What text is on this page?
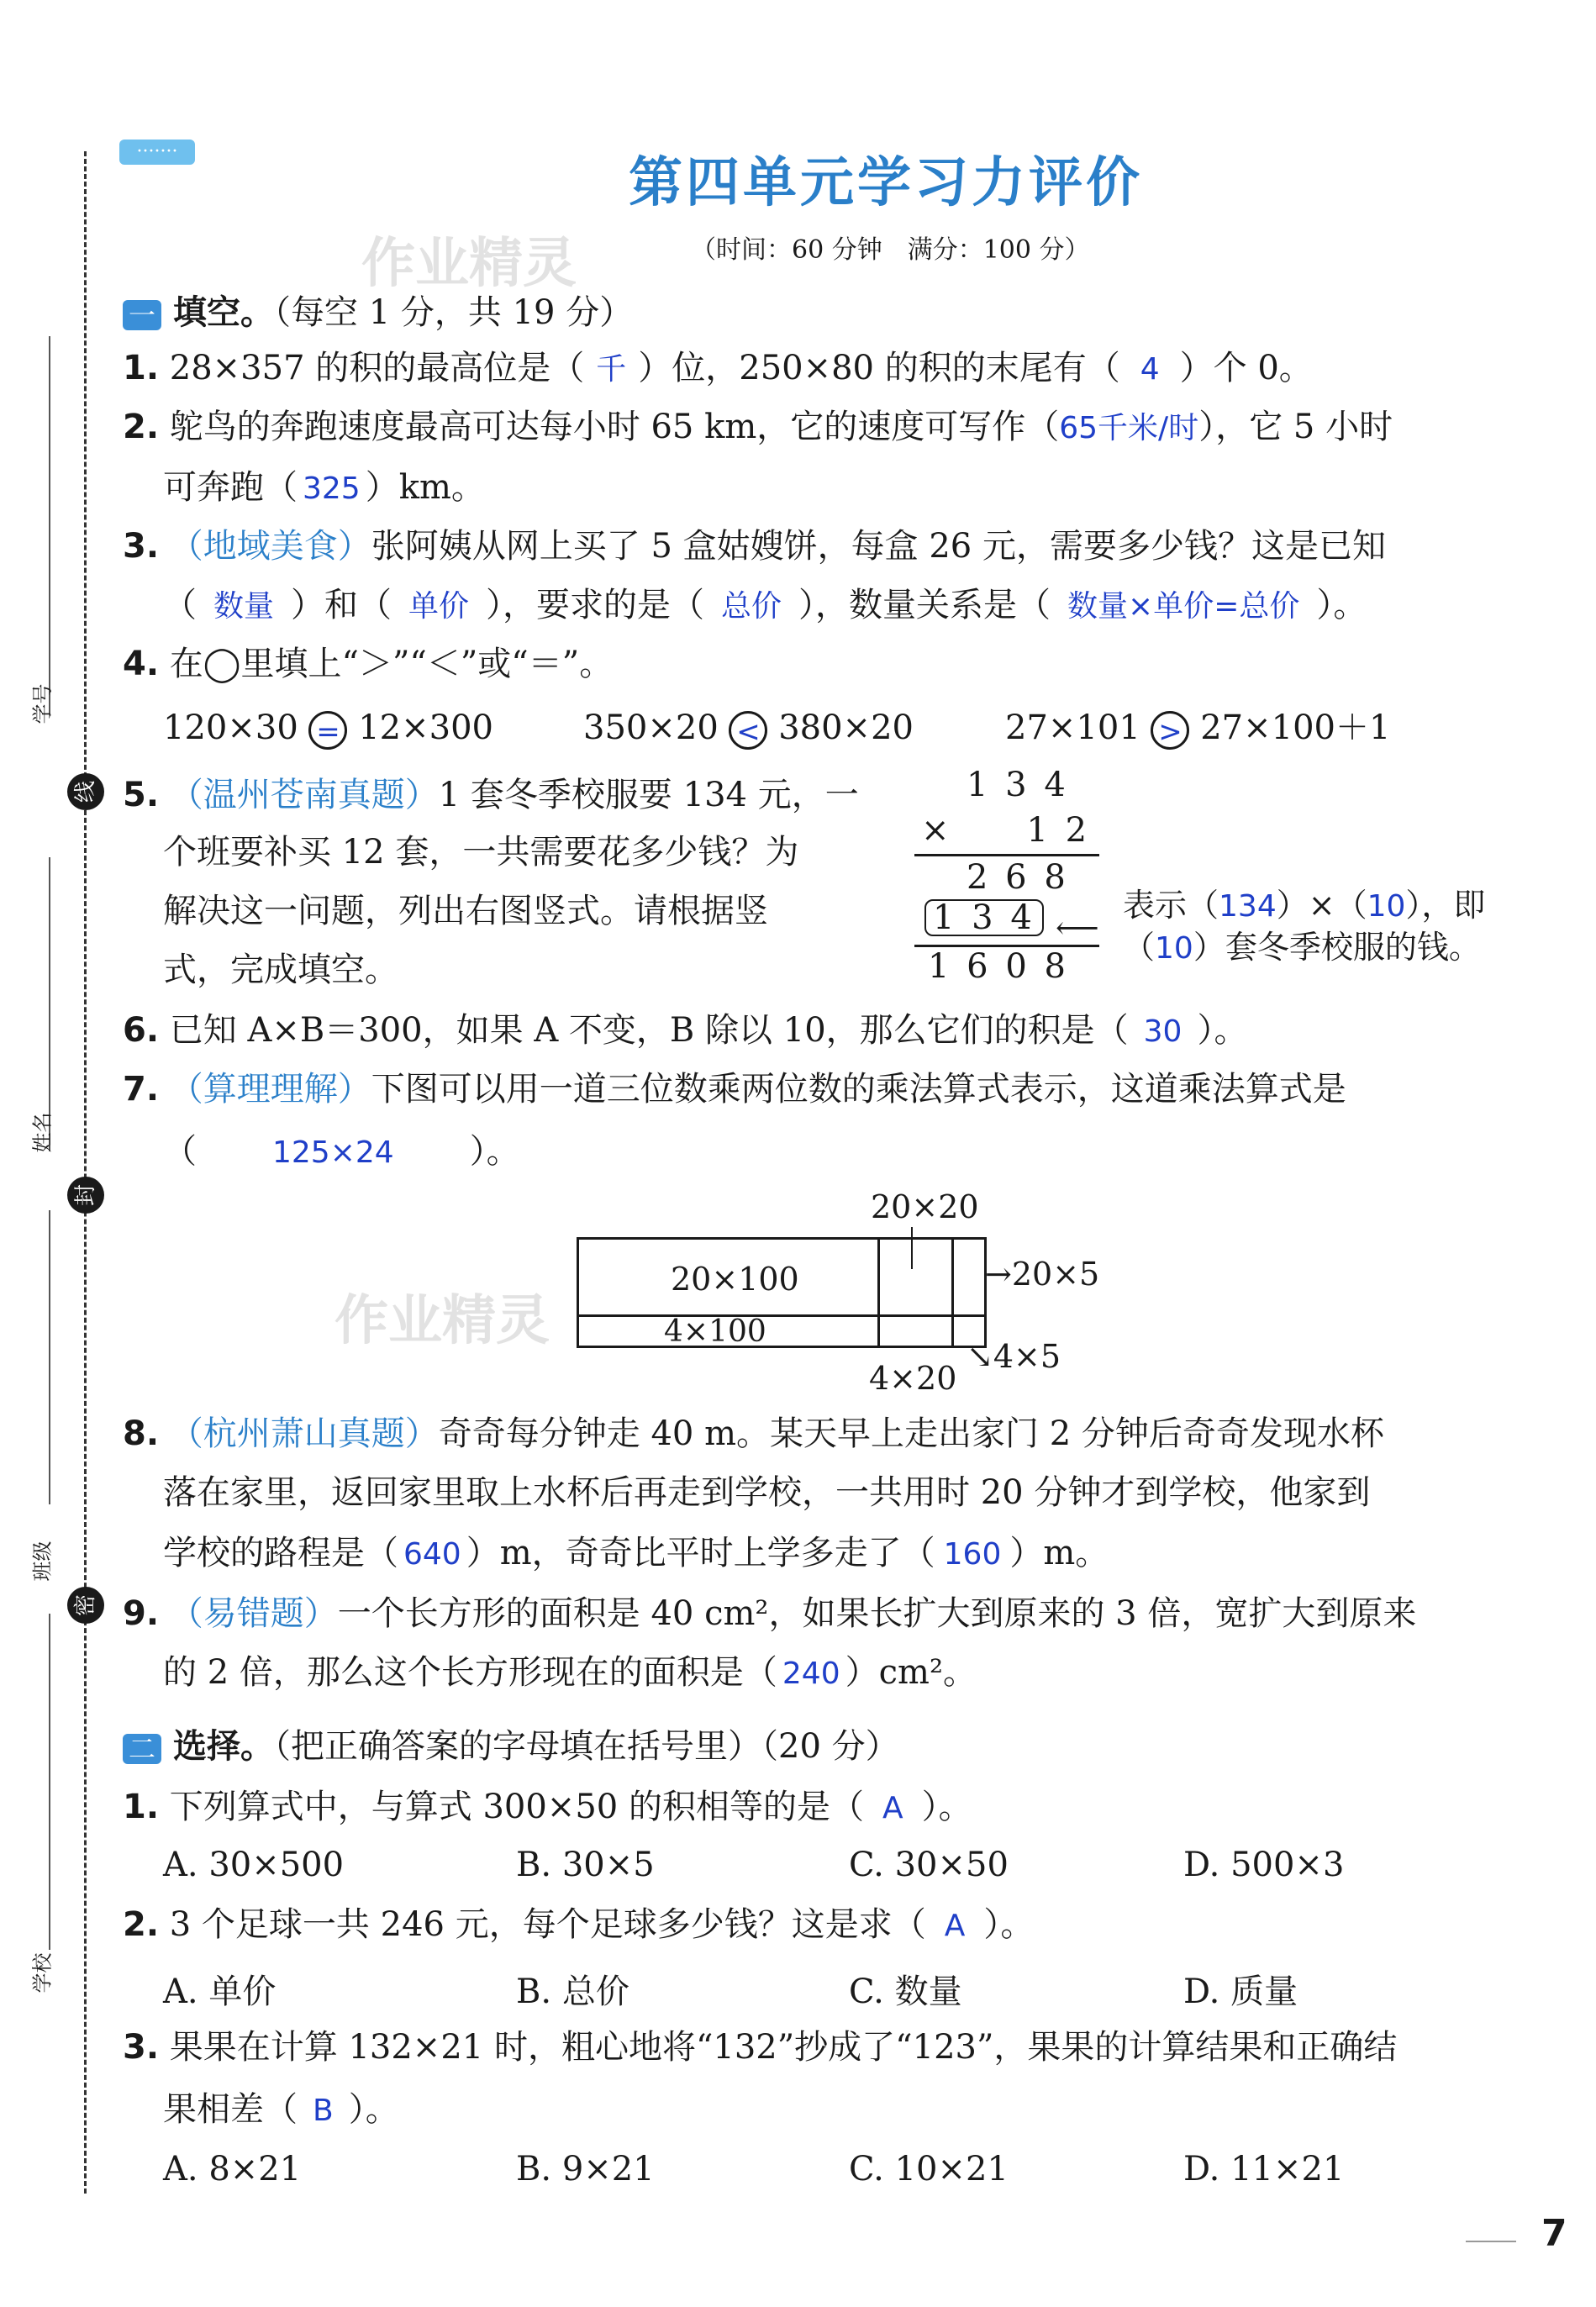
学号
姓名
班级
学校
线
封
密
·······
第四单元学习力评价
（时间：60 分钟　满分：100 分）
作业精灵
作业精灵
一 填空。（每空 1 分，共 19 分）
1. 28×357 的积的最高位是（ 千 ）位，250×80 的积的末尾有（ 4 ）个 0。
2. 鸵鸟的奔跑速度最高可达每小时 65 km，它的速度可写作（65千米/时），它 5 小时
可奔跑（ 325 ）km。
3. （地域美食）张阿姨从网上买了 5 盒姑嫂饼，每盒 26 元，需要多少钱？这是已知
（ 数量 ）和（ 单价 ），要求的是（ 总价 ），数量关系是（ 数量×单价=总价 ）。
4. 在◯里填上“＞”“＜”或“＝”。
120×30 = 12×300	350×20 < 380×20	27×101 > 27×100＋1
5. （温州苍南真题）1 套冬季校服要 134 元，一
个班要补买 12 套，一共需要花多少钱？为
解决这一问题，列出右图竖式。请根据竖
式，完成填空。
1 3 4
×　　1 2
2 6 8
1 3 4 ⟵
1 6 0 8
表示（134）×（10），即
（10）套冬季校服的钱。
6. 已知 A×B＝300，如果 A 不变，B 除以 10，那么它们的积是（ 30 ）。
7. （算理理解）下图可以用一道三位数乘两位数的乘法算式表示，这道乘法算式是
（	125×24 ）。
20×100
4×100
20×20
→20×5
4×20
↘4×5
8. （杭州萧山真题）奇奇每分钟走 40 m。某天早上走出家门 2 分钟后奇奇发现水杯
落在家里，返回家里取上水杯后再走到学校，一共用时 20 分钟才到学校，他家到
学校的路程是（ 640 ）m，奇奇比平时上学多走了（ 160 ）m。
9. （易错题）一个长方形的面积是 40 cm²，如果长扩大到原来的 3 倍，宽扩大到原来
的 2 倍，那么这个长方形现在的面积是（ 240 ）cm²。
二 选择。（把正确答案的字母填在括号里）（20 分）
1. 下列算式中，与算式 300×50 的积相等的是（ A ）。
A. 30×500	B. 30×5	C. 30×50	D. 500×3
2. 3 个足球一共 246 元，每个足球多少钱？这是求（ A ）。
A. 单价	B. 总价	C. 数量	D. 质量
3. 果果在计算 132×21 时，粗心地将“132”抄成了“123”，果果的计算结果和正确结
果相差（ B ）。
A. 8×21	B. 9×21	C. 10×21	D. 11×21
7
